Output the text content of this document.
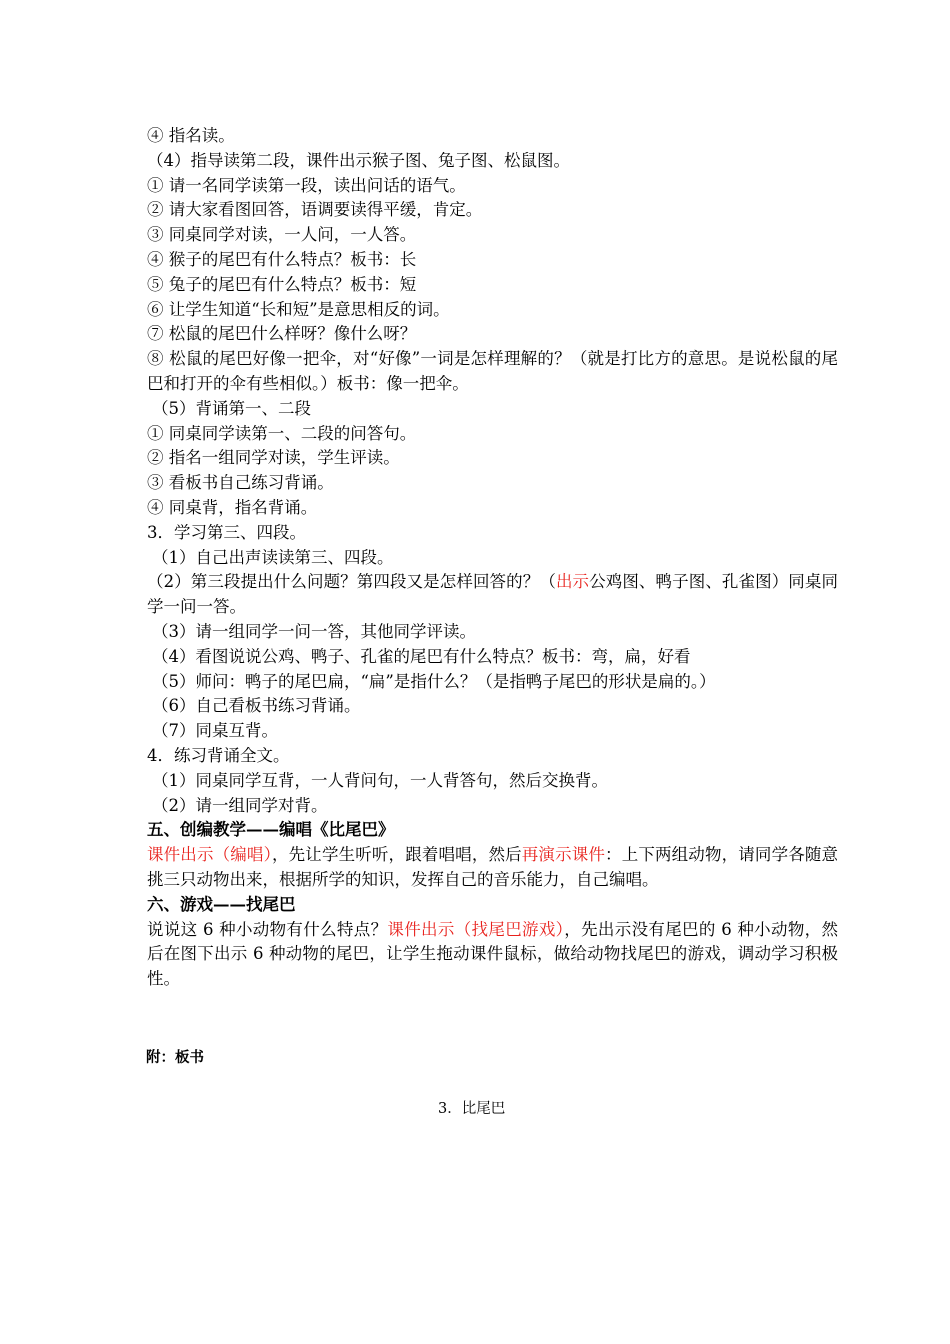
④ 指名读。

（4）指导读第二段，课件出示猴子图、兔子图、松鼠图。

① 请一名同学读第一段，读出问话的语气。

② 请大家看图回答，语调要读得平缓，肯定。

③ 同桌同学对读，一人问，一人答。

④ 猴子的尾巴有什么特点？板书：长

⑤ 兔子的尾巴有什么特点？板书：短

⑥ 让学生知道“长和短”是意思相反的词。

⑦ 松鼠的尾巴什么样呀？像什么呀？

⑧ 松鼠的尾巴好像一把伞，对“好像”一词是怎样理解的？（就是打比方的意思。是说松鼠的尾巴和打开的伞有些相似。）板书：像一把伞。

（5）背诵第一、二段

① 同桌同学读第一、二段的问答句。

② 指名一组同学对读，学生评读。

③ 看板书自己练习背诵。

④ 同桌背，指名背诵。

3．学习第三、四段。

（1）自己出声读读第三、四段。

（2）第三段提出什么问题？第四段又是怎样回答的？（出示公鸡图、鸭子图、孔雀图）同桌同学一问一答。

（3）请一组同学一问一答，其他同学评读。

（4）看图说说公鸡、鸭子、孔雀的尾巴有什么特点？板书：弯，扁，好看

（5）师问：鸭子的尾巴扁，“扁”是指什么？（是指鸭子尾巴的形状是扁的。）

（6）自己看板书练习背诵。

（7）同桌互背。

4．练习背诵全文。

（1）同桌同学互背，一人背问句，一人背答句，然后交换背。

（2）请一组同学对背。

五、创编教学——编唱《比尾巴》

课件出示（编唱），先让学生听听，跟着唱唱，然后再演示课件：上下两组动物，请同学各随意挑三只动物出来，根据所学的知识，发挥自己的音乐能力，自己编唱。

六、游戏——找尾巴

说说这 6 种小动物有什么特点？课件出示（找尾巴游戏），先出示没有尾巴的 6 种小动物，然后在图下出示 6 种动物的尾巴，让学生拖动课件鼠标，做给动物找尾巴的游戏，调动学习积极性。

附：板书
3．比尾巴
